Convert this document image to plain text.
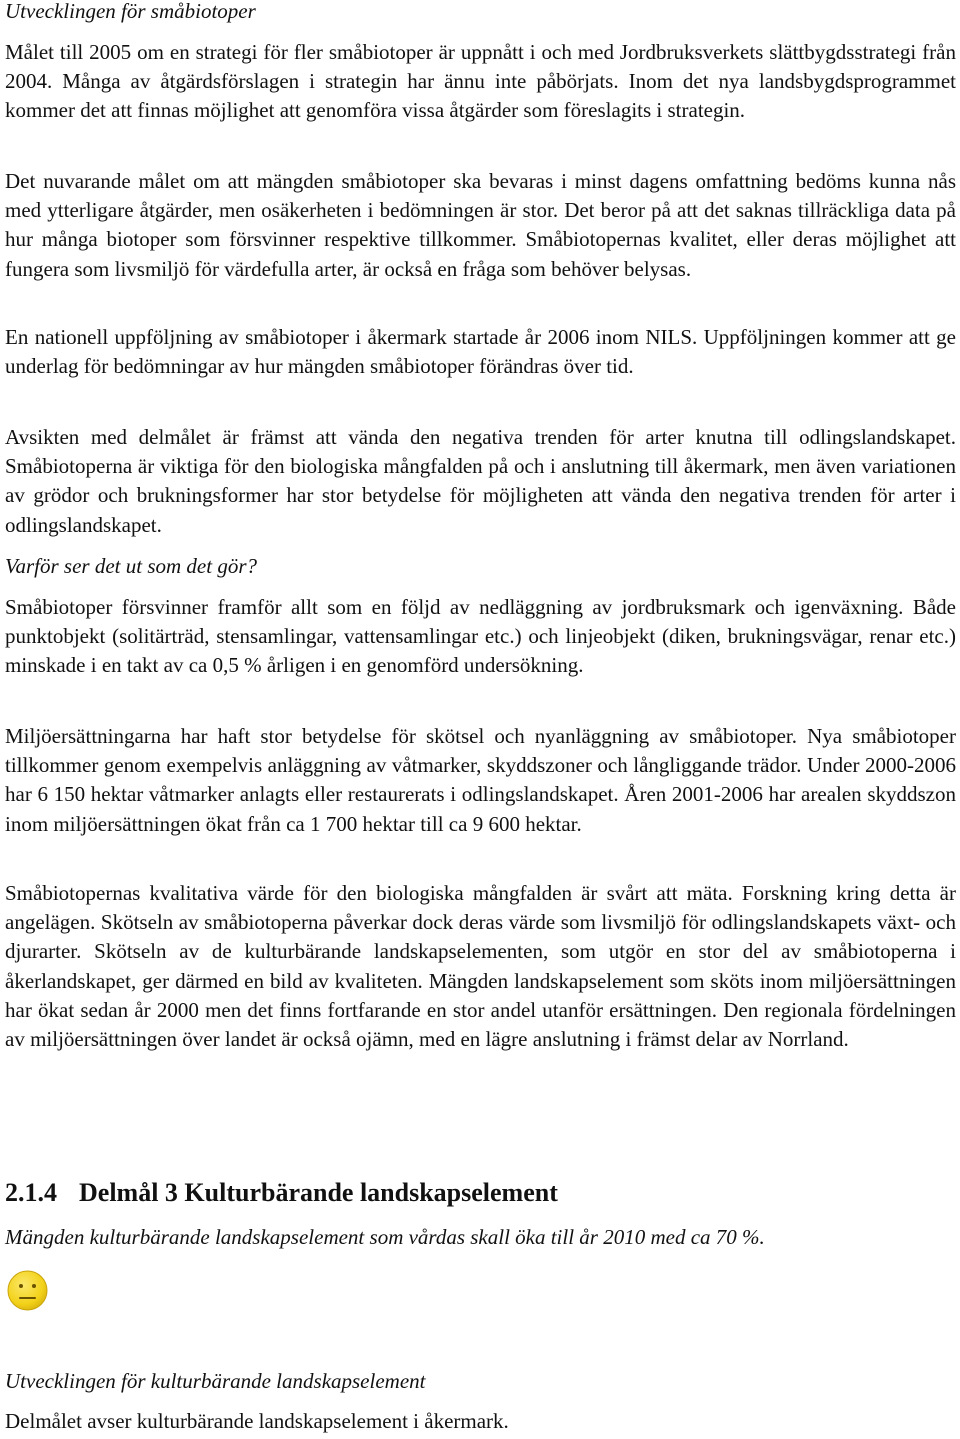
Utvecklingen för småbiotoper

Målet till 2005 om en strategi för fler småbiotoper är uppnått i och med Jordbruksverkets slättbygdsstrategi från 2004. Många av åtgärdsförslagen i strategin har ännu inte påbörjats. Inom det nya landsbygdsprogrammet kommer det att finnas möjlighet att genomföra vissa åtgärder som föreslagits i strategin.

Det nuvarande målet om att mängden småbiotoper ska bevaras i minst dagens omfattning bedöms kunna nås med ytterligare åtgärder, men osäkerheten i bedömningen är stor. Det beror på att det saknas tillräckliga data på hur många biotoper som försvinner respektive tillkommer. Småbiotopernas kvalitet, eller deras möjlighet att fungera som livsmiljö för värdefulla arter, är också en fråga som behöver belysas.

En nationell uppföljning av småbiotoper i åkermark startade år 2006 inom NILS. Uppföljningen kommer att ge underlag för bedömningar av hur mängden småbiotoper förändras över tid.

Avsikten med delmålet är främst att vända den negativa trenden för arter knutna till odlingslandskapet. Småbiotoperna är viktiga för den biologiska mångfalden på och i anslutning till åkermark, men även variationen av grödor och brukningsformer har stor betydelse för möjligheten att vända den negativa trenden för arter i odlingslandskapet.

Varför ser det ut som det gör?

Småbiotoper försvinner framför allt som en följd av nedläggning av jordbruksmark och igenväxning. Både punktobjekt (solitärträd, stensamlingar, vattensamlingar etc.) och linjeobjekt (diken, brukningsvägar, renar etc.) minskade i en takt av ca 0,5 % årligen i en genomförd undersökning.

Miljöersättningarna har haft stor betydelse för skötsel och nyanläggning av småbiotoper. Nya småbiotoper tillkommer genom exempelvis anläggning av våtmarker, skyddszoner och långliggande trädor. Under 2000-2006 har 6 150 hektar våtmarker anlagts eller restaurerats i odlingslandskapet. Åren 2001-2006 har arealen skyddszon inom miljöersättningen ökat från ca 1 700 hektar till ca 9 600 hektar.

Småbiotopernas kvalitativa värde för den biologiska mångfalden är svårt att mäta. Forskning kring detta är angelägen. Skötseln av småbiotoperna påverkar dock deras värde som livsmiljö för odlingslandskapets växt- och djurarter. Skötseln av de kulturbärande landskapselementen, som utgör en stor del av småbiotoperna i åkerlandskapet, ger därmed en bild av kvaliteten. Mängden landskapselement som sköts inom miljöersättningen har ökat sedan år 2000 men det finns fortfarande en stor andel utanför ersättningen. Den regionala fördelningen av miljöersättningen över landet är också ojämn, med en lägre anslutning i främst delar av Norrland.

2.1.4 Delmål 3 Kulturbärande landskapselement

Mängden kulturbärande landskapselement som vårdas skall öka till år 2010 med ca 70 %.

Utvecklingen för kulturbärande landskapselement

Delmålet avser kulturbärande landskapselement i åkermark.
